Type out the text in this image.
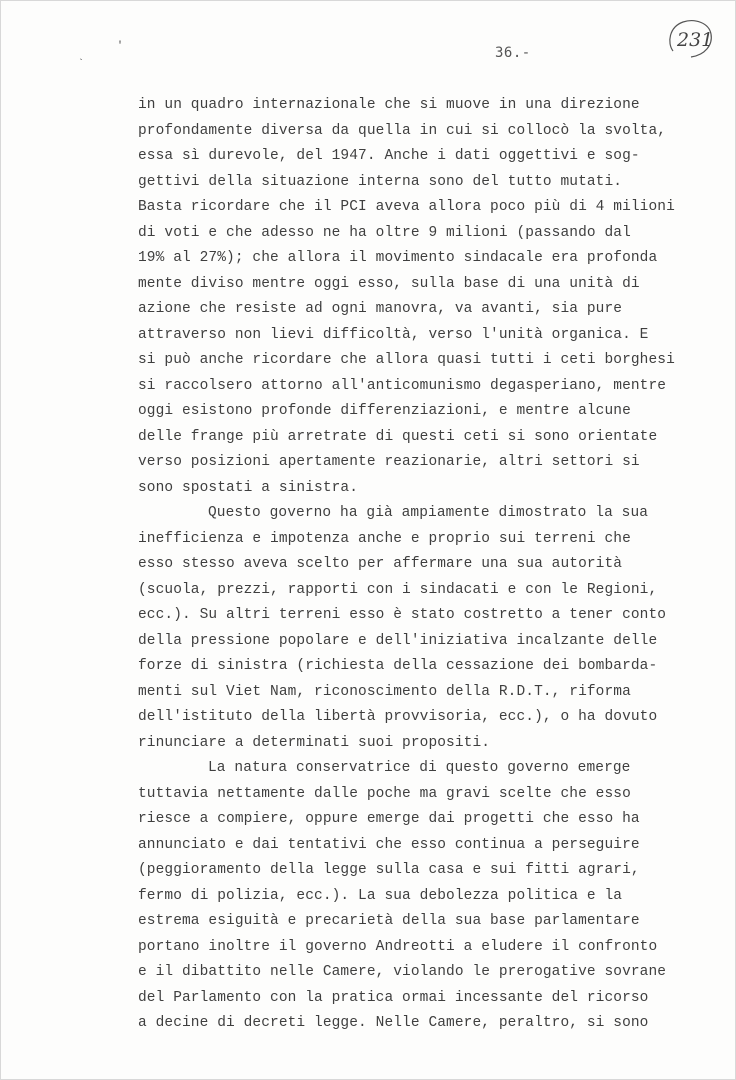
'
`
36.-
231
in un quadro internazionale che si muove in una direzione
profondamente diversa da quella in cui si collocò la svolta,
essa sì durevole, del 1947. Anche i dati oggettivi e sog-
gettivi della situazione interna sono del tutto mutati.
Basta ricordare che il PCI aveva allora poco più di 4 milioni
di voti e che adesso ne ha oltre 9 milioni (passando dal
19% al 27%); che allora il movimento sindacale era profonda
mente diviso mentre oggi esso, sulla base di una unità di
azione che resiste ad ogni manovra, va avanti, sia pure
attraverso non lievi difficoltà, verso l'unità organica. E
si può anche ricordare che allora quasi tutti i ceti borghesi
si raccolsero attorno all'anticomunismo degasperiano, mentre
oggi esistono profonde differenziazioni, e mentre alcune
delle frange più arretrate di questi ceti si sono orientate
verso posizioni apertamente reazionarie, altri settori si
sono spostati a sinistra.
Questo governo ha già ampiamente dimostrato la sua
inefficienza e impotenza anche e proprio sui terreni che
esso stesso aveva scelto per affermare una sua autorità
(scuola, prezzi, rapporti con i sindacati e con le Regioni,
ecc.). Su altri terreni esso è stato costretto a tener conto
della pressione popolare e dell'iniziativa incalzante delle
forze di sinistra (richiesta della cessazione dei bombarda-
menti sul Viet Nam, riconoscimento della R.D.T., riforma
dell'istituto della libertà provvisoria, ecc.), o ha dovuto
rinunciare a determinati suoi propositi.
La natura conservatrice di questo governo emerge
tuttavia nettamente dalle poche ma gravi scelte che esso
riesce a compiere, oppure emerge dai progetti che esso ha
annunciato e dai tentativi che esso continua a perseguire
(peggioramento della legge sulla casa e sui fitti agrari,
fermo di polizia, ecc.). La sua debolezza politica e la
estrema esiguità e precarietà della sua base parlamentare
portano inoltre il governo Andreotti a eludere il confronto
e il dibattito nelle Camere, violando le prerogative sovrane
del Parlamento con la pratica ormai incessante del ricorso
a decine di decreti legge. Nelle Camere, peraltro, si sono
